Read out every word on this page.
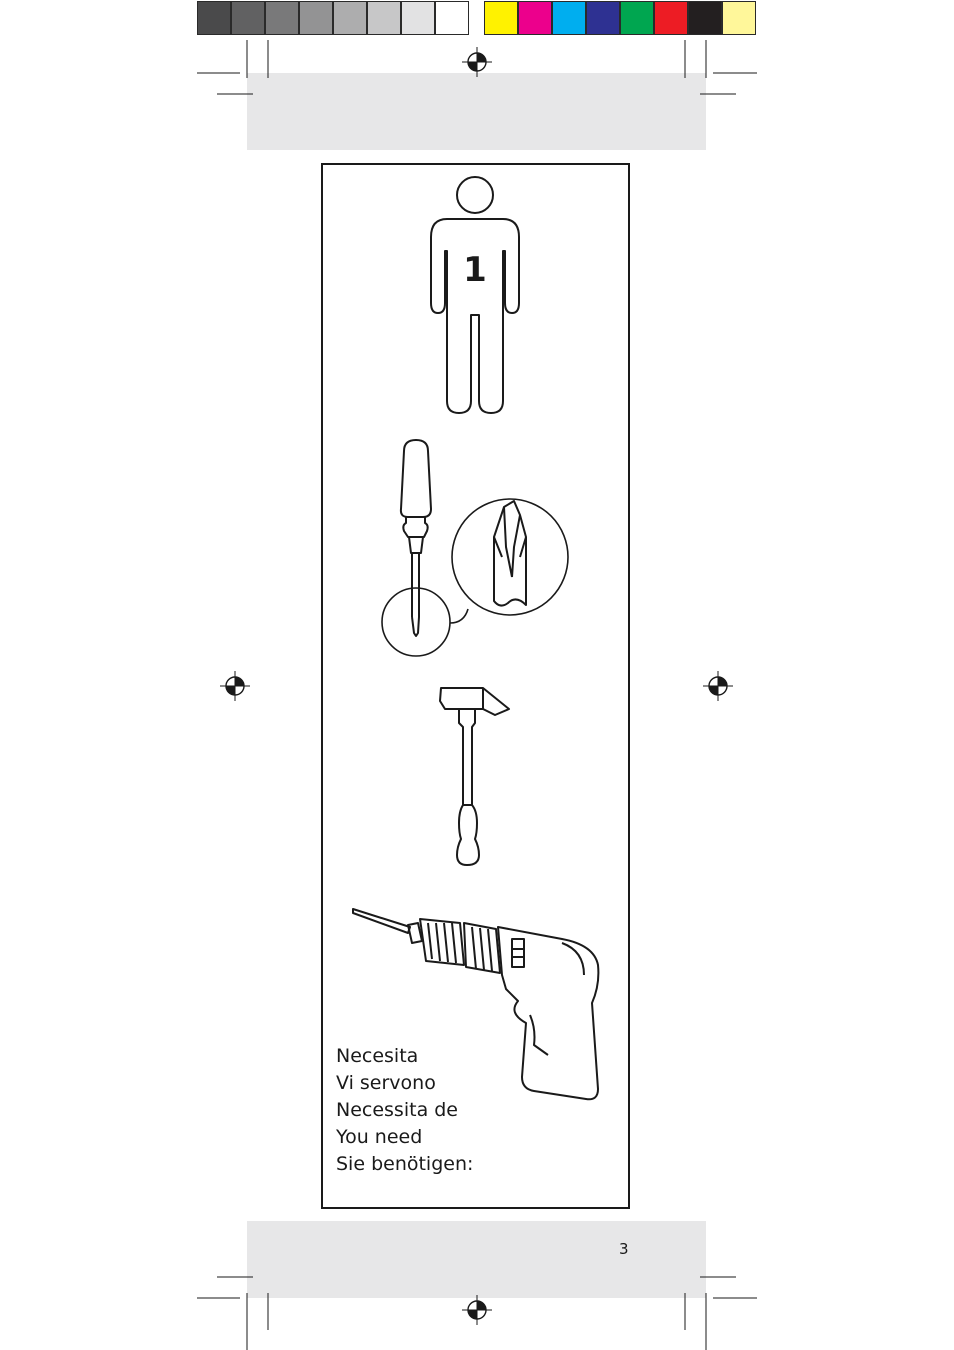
1
Necesita
Vi servono
Necessita de
You need
Sie benötigen:
3
